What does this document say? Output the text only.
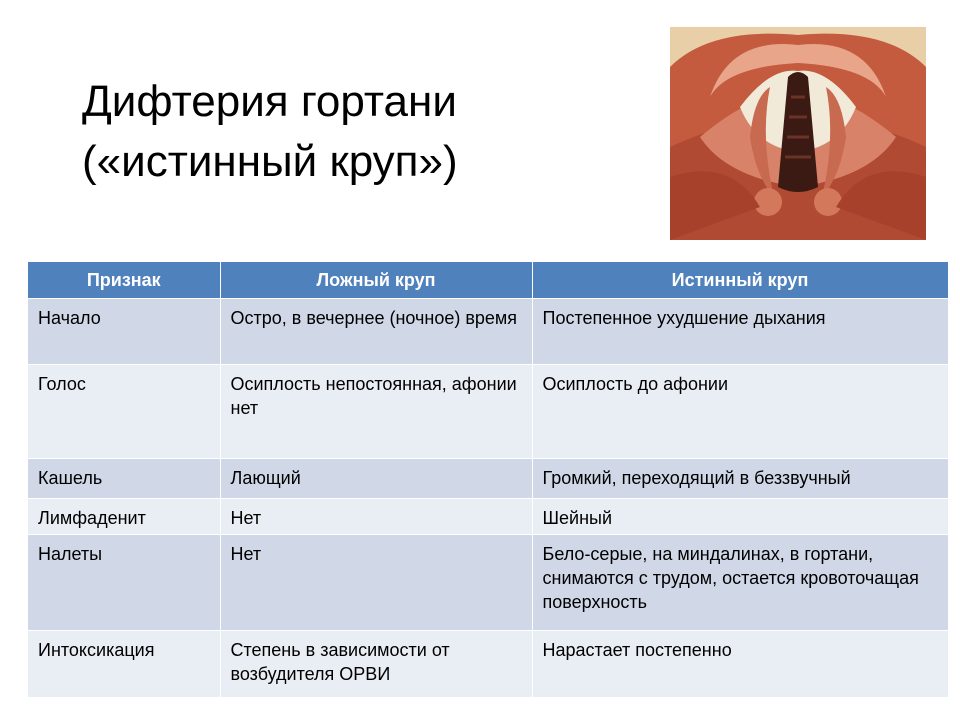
Дифтерия гортани
(«истинный круп»)
Признак	Ложный круп	Истинный круп
Начало	Остро, в вечернее (ночное) время	Постепенное ухудшение дыхания
Голос	Осиплость непостоянная, афонии нет	Осиплость до афонии
Кашель	Лающий	Громкий, переходящий в беззвучный
Лимфаденит	Нет	Шейный
Налеты	Нет	Бело-серые, на миндалинах, в гортани, снимаются с трудом, остается кровоточащая поверхность
Интоксикация	Степень в зависимости от возбудителя ОРВИ	Нарастает постепенно
